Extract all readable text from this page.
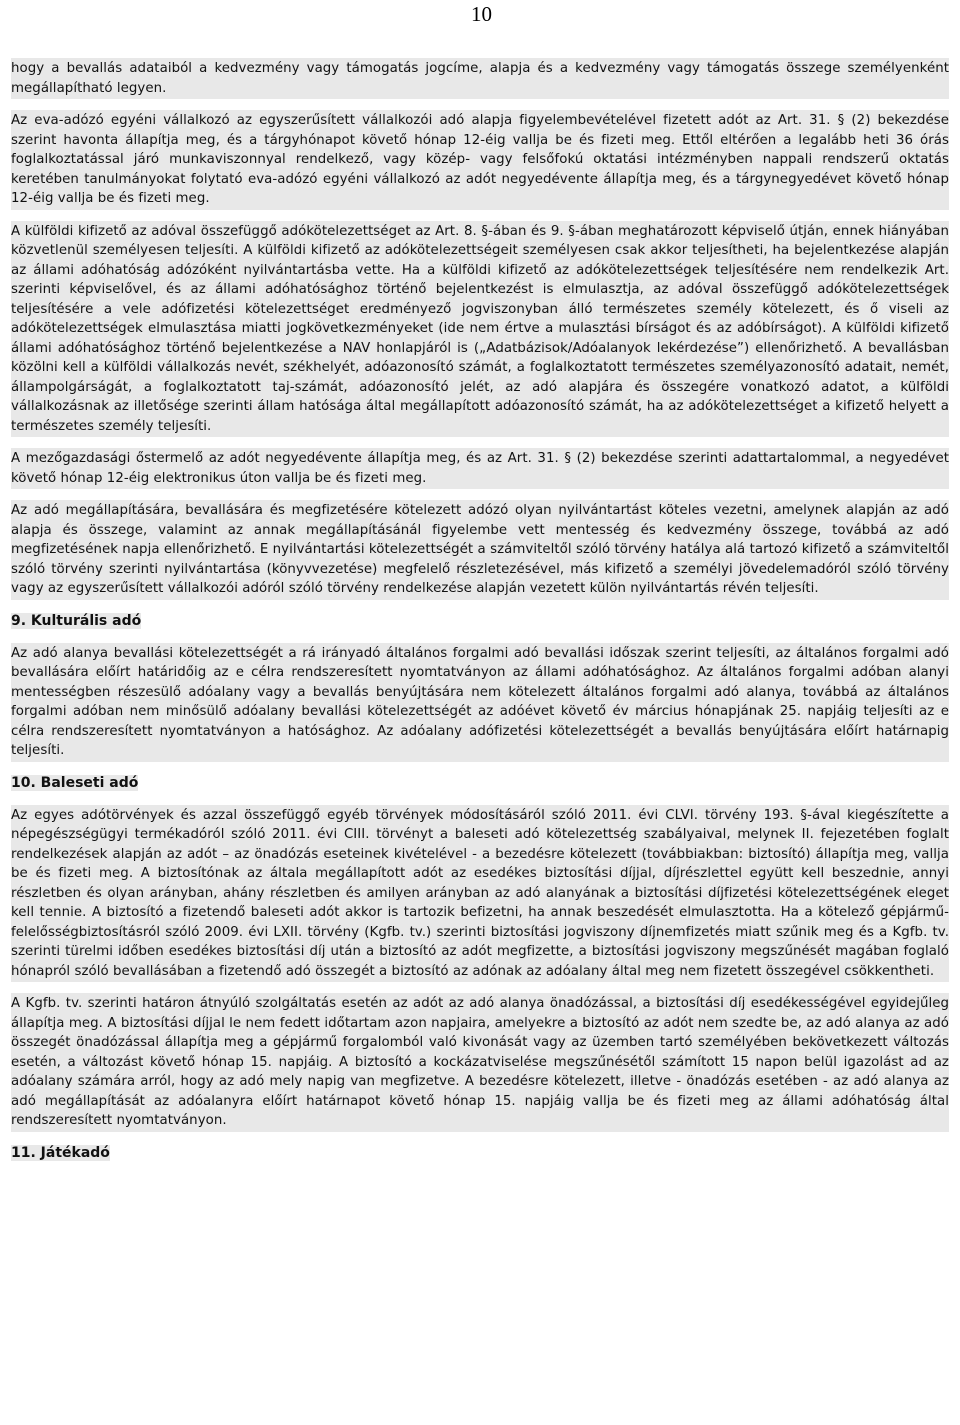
10

hogy a bevallás adataiból a kedvezmény vagy támogatás jogcíme, alapja és a kedvezmény vagy támogatás összege személyenként megállapítható legyen.

Az eva-adózó egyéni vállalkozó az egyszerűsített vállalkozói adó alapja figyelembevételével fizetett adót az Art. 31. § (2) bekezdése szerint havonta állapítja meg, és a tárgyhónapot követő hónap 12-éig vallja be és fizeti meg. Ettől eltérően a legalább heti 36 órás foglalkoztatással járó munkaviszonnyal rendelkező, vagy közép- vagy felsőfokú oktatási intézményben nappali rendszerű oktatás keretében tanulmányokat folytató eva-adózó egyéni vállalkozó az adót negyedévente állapítja meg, és a tárgynegyedévet követő hónap 12-éig vallja be és fizeti meg.

A külföldi kifizető az adóval összefüggő adókötelezettséget az Art. 8. §-ában és 9. §-ában meghatározott képviselő útján, ennek hiányában közvetlenül személyesen teljesíti. A külföldi kifizető az adókötelezettségeit személyesen csak akkor teljesítheti, ha bejelentkezése alapján az állami adóhatóság adózóként nyilvántartásba vette. Ha a külföldi kifizető az adókötelezettségek teljesítésére nem rendelkezik Art. szerinti képviselővel, és az állami adóhatósághoz történő bejelentkezést is elmulasztja, az adóval összefüggő adókötelezettségek teljesítésére a vele adófizetési kötelezettséget eredményező jogviszonyban álló természetes személy kötelezett, és ő viseli az adókötelezettségek elmulasztása miatti jogkövetkezményeket (ide nem értve a mulasztási bírságot és az adóbírságot). A külföldi kifizető állami adóhatósághoz történő bejelentkezése a NAV honlapjáról is („Adatbázisok/Adóalanyok lekérdezése”) ellenőrizhető. A bevallásban közölni kell a külföldi vállalkozás nevét, székhelyét, adóazonosító számát, a foglalkoztatott természetes személyazonosító adatait, nemét, állampolgárságát, a foglalkoztatott taj-számát, adóazonosító jelét, az adó alapjára és összegére vonatkozó adatot, a külföldi vállalkozásnak az illetősége szerinti állam hatósága által megállapított adóazonosító számát, ha az adókötelezettséget a kifizető helyett a természetes személy teljesíti.

A mezőgazdasági őstermelő az adót negyedévente állapítja meg, és az Art. 31. § (2) bekezdése szerinti adattartalommal, a negyedévet követő hónap 12-éig elektronikus úton vallja be és fizeti meg.

Az adó megállapítására, bevallására és megfizetésére kötelezett adózó olyan nyilvántartást köteles vezetni, amelynek alapján az adó alapja és összege, valamint az annak megállapításánál figyelembe vett mentesség és kedvezmény összege, továbbá az adó megfizetésének napja ellenőrizhető. E nyilvántartási kötelezettségét a számviteltől szóló törvény hatálya alá tartozó kifizető a számviteltől szóló törvény szerinti nyilvántartása (könyvvezetése) megfelelő részletezésével, más kifizető a személyi jövedelemadóról szóló törvény vagy az egyszerűsített vállalkozói adóról szóló törvény rendelkezése alapján vezetett külön nyilvántartás révén teljesíti.

9. Kulturális adó

Az adó alanya bevallási kötelezettségét a rá irányadó általános forgalmi adó bevallási időszak szerint teljesíti, az általános forgalmi adó bevallására előírt határidőig az e célra rendszeresített nyomtatványon az állami adóhatósághoz. Az általános forgalmi adóban alanyi mentességben részesülő adóalany vagy a bevallás benyújtására nem kötelezett általános forgalmi adó alanya, továbbá az általános forgalmi adóban nem minősülő adóalany bevallási kötelezettségét az adóévet követő év március hónapjának 25. napjáig teljesíti az e célra rendszeresített nyomtatványon a hatósághoz. Az adóalany adófizetési kötelezettségét a bevallás benyújtására előírt határnapig teljesíti.

10. Baleseti adó

Az egyes adótörvények és azzal összefüggő egyéb törvények módosításáról szóló 2011. évi CLVI. törvény 193. §-ával kiegészítette a népegészségügyi termékadóról szóló 2011. évi CIII. törvényt a baleseti adó kötelezettség szabályaival, melynek II. fejezetében foglalt rendelkezések alapján az adót – az önadózás eseteinek kivételével - a bezedésre kötelezett (továbbiakban: biztosító) állapítja meg, vallja be és fizeti meg. A biztosítónak az általa megállapított adót az esedékes biztosítási díjjal, díjrészlettel együtt kell beszednie, annyi részletben és olyan arányban, ahány részletben és amilyen arányban az adó alanyának a biztosítási díjfizetési kötelezettségének eleget kell tennie. A biztosító a fizetendő baleseti adót akkor is tartozik befizetni, ha annak beszedését elmulasztotta. Ha a kötelező gépjármű-felelősségbiztosításról szóló 2009. évi LXII. törvény (Kgfb. tv.) szerinti biztosítási jogviszony díjnemfizetés miatt szűnik meg és a Kgfb. tv. szerinti türelmi időben esedékes biztosítási díj után a biztosító az adót megfizette, a biztosítási jogviszony megszűnését magában foglaló hónapról szóló bevallásában a fizetendő adó összegét a biztosító az adónak az adóalany által meg nem fizetett összegével csökkentheti.

A Kgfb. tv. szerinti határon átnyúló szolgáltatás esetén az adót az adó alanya önadózással, a biztosítási díj esedékességével egyidejűleg állapítja meg. A biztosítási díjjal le nem fedett időtartam azon napjaira, amelyekre a biztosító az adót nem szedte be, az adó alanya az adó összegét önadózással állapítja meg a gépjármű forgalomból való kivonását vagy az üzemben tartó személyében bekövetkezett változás esetén, a változást követő hónap 15. napjáig. A biztosító a kockázatviselése megszűnésétől számított 15 napon belül igazolást ad az adóalany számára arról, hogy az adó mely napig van megfizetve. A bezedésre kötelezett, illetve - önadózás esetében - az adó alanya az adó megállapítását az adóalanyra előírt határnapot követő hónap 15. napjáig vallja be és fizeti meg az állami adóhatóság által rendszeresített nyomtatványon.

11. Játékadó
